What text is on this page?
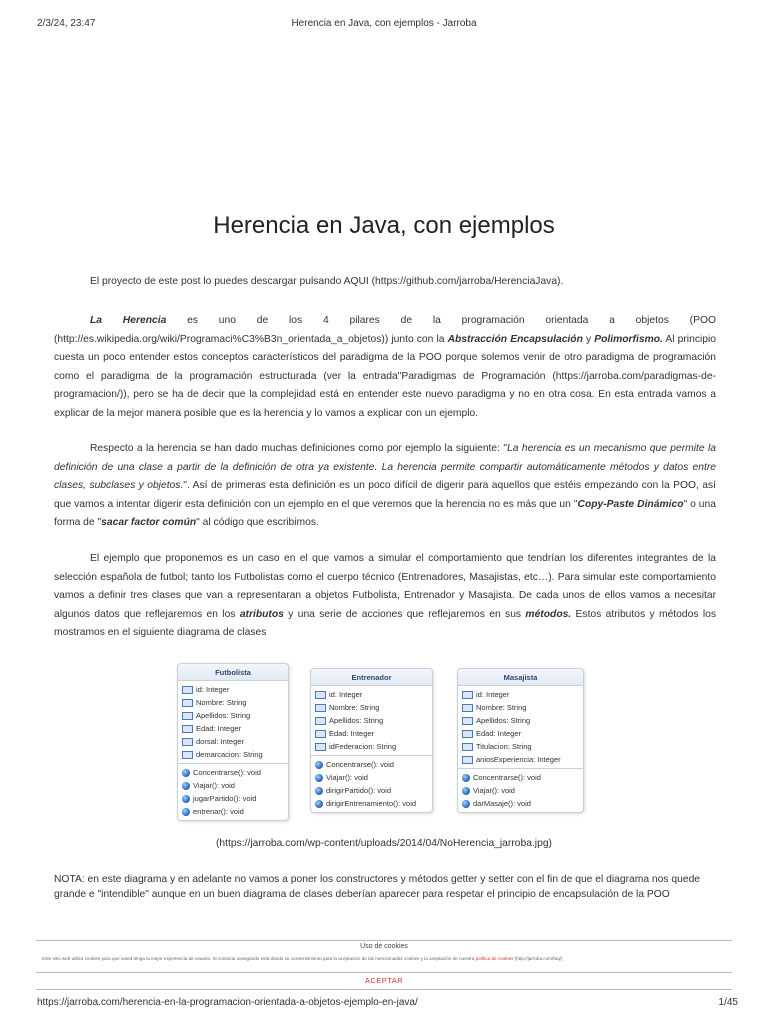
2/3/24, 23:47	Herencia en Java, con ejemplos - Jarroba
Herencia en Java, con ejemplos

El proyecto de este post lo puedes descargar pulsando AQUI (https://github.com/jarroba/HerenciaJava).

La Herencia es uno de los 4 pilares de la programación orientada a objetos (POO (http://es.wikipedia.org/wiki/Programaci%C3%B3n_orientada_a_objetos)) junto con la Abstracción Encapsulación y Polimorfismo. Al principio cuesta un poco entender estos conceptos característicos del paradigma de la POO porque solemos venir de otro paradigma de programación como el paradigma de la programación estructurada (ver la entrada"Paradigmas de Programación (https://jarroba.com/paradigmas-de-programacion/)), pero se ha de decir que la complejidad está en entender este nuevo paradigma y no en otra cosa. En esta entrada vamos a explicar de la mejor manera posible que es la herencia y lo vamos a explicar con un ejemplo.

Respecto a la herencia se han dado muchas definiciones como por ejemplo la siguiente: "La herencia es un mecanismo que permite la definición de una clase a partir de la definición de otra ya existente. La herencia permite compartir automáticamente métodos y datos entre clases, subclases y objetos.". Así de primeras esta definición es un poco difícil de digerir para aquellos que estéis empezando con la POO, así que vamos a intentar digerir esta definición con un ejemplo en el que veremos que la herencia no es más que un "Copy-Paste Dinámico" o una forma de "sacar factor común" al código que escribimos.

El ejemplo que proponemos es un caso en el que vamos a simular el comportamiento que tendrían los diferentes integrantes de la selección española de futbol; tanto los Futbolistas como el cuerpo técnico (Entrenadores, Masajistas, etc…). Para simular este comportamiento vamos a definir tres clases que van a representaran a objetos Futbolista, Entrenador y Masajista. De cada unos de ellos vamos a necesitar algunos datos que reflejaremos en los atributos y una serie de acciones que reflejaremos en sus métodos. Estos atributos y métodos los mostramos en el siguiente diagrama de clases

Futbolista
id: Integer
Nombre: String
Apellidos: String
Edad: Integer
dorsal: Integer
demarcacion: String
Concentrarse(): void
Viajar(): void
jugarPartido(): void
entrenar(): void
Entrenador
id: Integer
Nombre: String
Apellidos: String
Edad: Integer
idFederacion: String
Concentrarse(): void
Viajar(): void
dirigirPartido(): void
dirigirEntrenamiento(): void
Masajista
id: Integer
Nombre: String
Apellidos: String
Edad: Integer
Titulacion: String
aniosExperiencia: Integer
Concentrarse(): void
Viajar(): void
darMasaje(): void
(https://jarroba.com/wp-content/uploads/2014/04/NoHerencia_jarroba.jpg)

NOTA: en este diagrama y en adelante no vamos a poner los constructores y métodos getter y setter con el fin de que el diagrama nos quede grande e "intendible" aunque en un buen diagrama de clases deberían aparecer para respetar el principio de encapsulación de la POO

Uso de cookies

Este sitio web utiliza cookies para que usted tenga la mejor experiencia de usuario. Si continúa navegando está dando su consentimiento para la aceptación de las mencionadas cookies y la aceptación de nuestra política de cookies (http://jarroba.com/faq/)

ACEPTAR
https://jarroba.com/herencia-en-la-programacion-orientada-a-objetos-ejemplo-en-java/	1/45
